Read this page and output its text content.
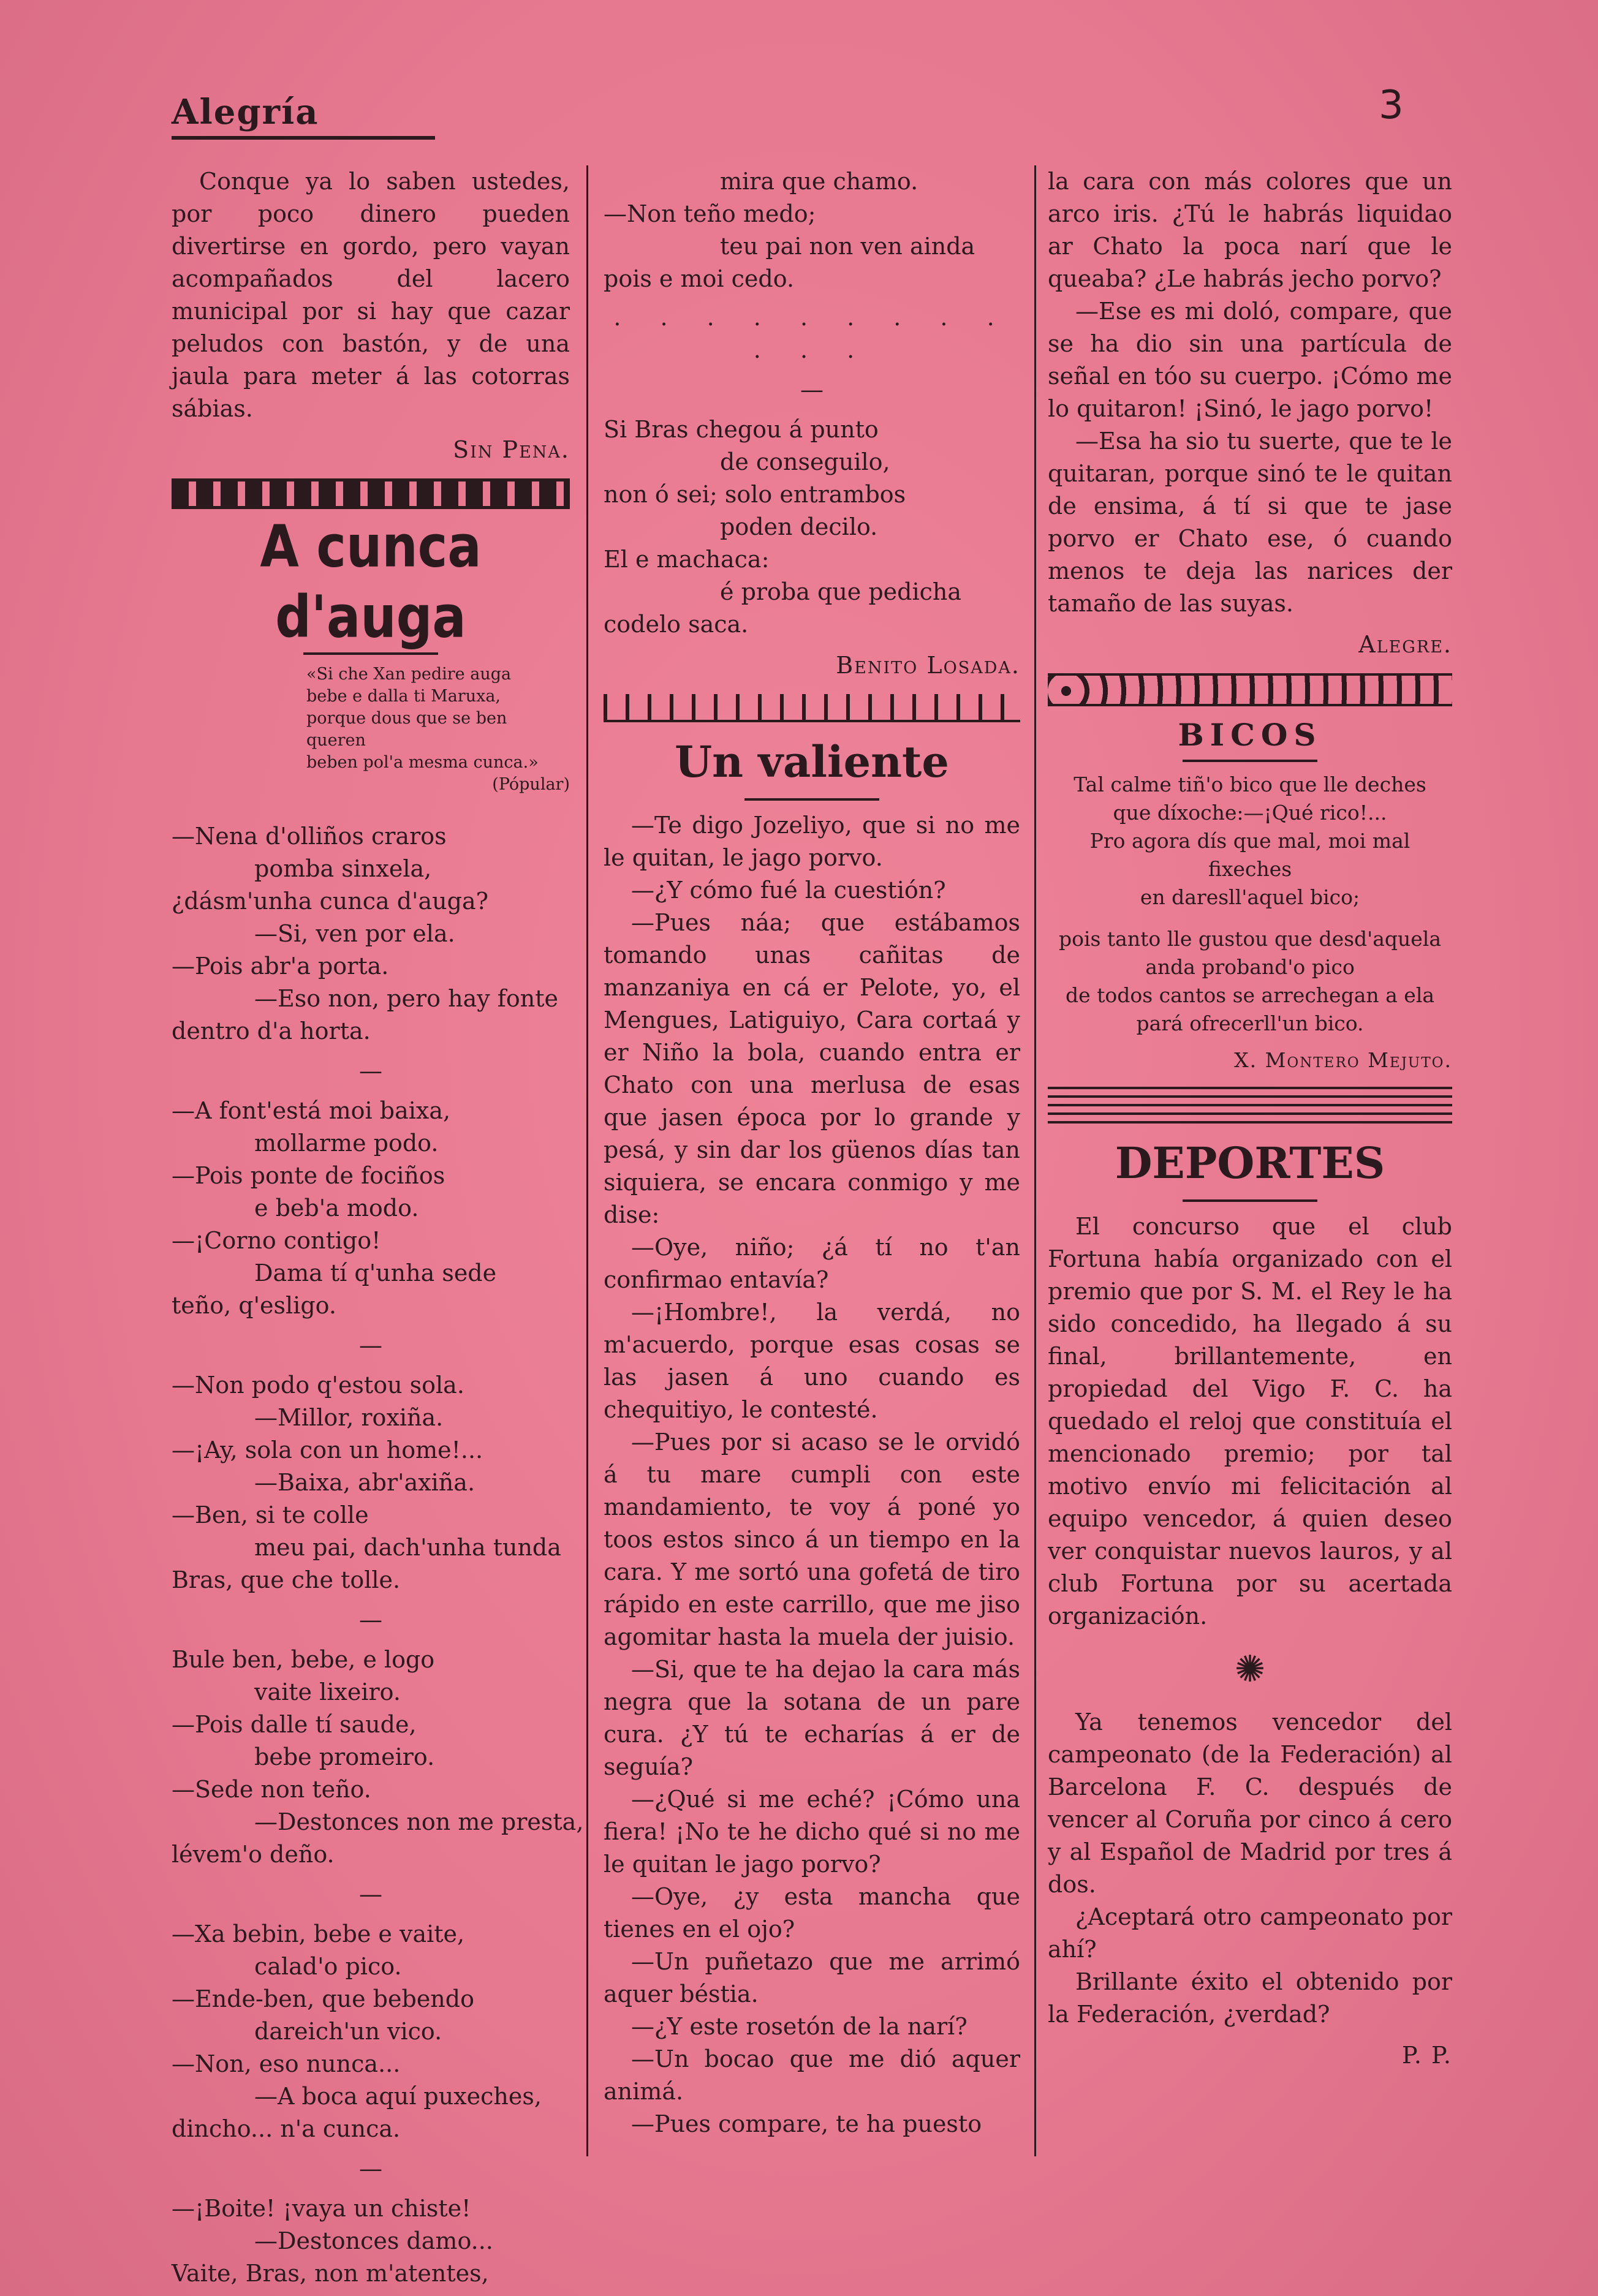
Alegría	3

Conque ya lo saben ustedes, por poco dinero pueden divertirse en gordo, pero vayan acompañados del lacero municipal por si hay que cazar peludos con bastón, y de una jaula para meter á las cotorras sábias.

Sin Pena.
A cunca d'auga
«Si che Xan pedire auga
bebe e dalla ti Maruxa,
porque dous que se ben queren
beben pol'a mesma cunca.»
(Pópular)
—Nena d'olliños craros
pomba sinxela,
¿dásm'unha cunca d'auga?
—Si, ven por ela.
—Pois abr'a porta.
—Eso non, pero hay fonte
dentro d'a horta.
—
—A font'está moi baixa,
mollarme podo.
—Pois ponte de fociños
e beb'a modo.
—¡Corno contigo!
Dama tí q'unha sede
teño, q'esligo.
—
—Non podo q'estou sola.
—Millor, roxiña.
—¡Ay, sola con un home!...
—Baixa, abr'axiña.
—Ben, si te colle
meu pai, dach'unha tunda
Bras, que che tolle.
—
Bule ben, bebe, e logo
vaite lixeiro.
—Pois dalle tí saude,
bebe promeiro.
—Sede non teño.
—Destonces non me presta,
lévem'o deño.
—
—Xa bebin, bebe e vaite,
calad'o pico.
—Ende-ben, que bebendo
dareich'un vico.
—Non, eso nunca...
—A boca aquí puxeches,
dincho... n'a cunca.
—
—¡Boite! ¡vaya un chiste!
—Destonces damo...
Vaite, Bras, non m'atentes,
mira que chamo.
—Non teño medo;
teu pai non ven ainda
pois e moi cedo.
. . . . . . . . . . . .
—
Si Bras chegou á punto
de conseguilo,
non ó sei; solo entrambos
poden decilo.
El e machaca:
é proba que pedicha
codelo saca.
Benito Losada.
Un valiente

—Te digo Jozeliyo, que si no me le quitan, le jago porvo.

—¿Y cómo fué la cuestión?

—Pues náa; que estábamos tomando unas cañitas de manzaniya en cá er Pelote, yo, el Mengues, Latiguiyo, Cara cortaá y er Niño la bola, cuando entra er Chato con una merlusa de esas que jasen época por lo grande y pesá, y sin dar los güenos días tan siquiera, se encara conmigo y me dise:

—Oye, niño; ¿á tí no t'an confirmao entavía?

—¡Hombre!, la verdá, no m'acuerdo, porque esas cosas se las jasen á uno cuando es chequitiyo, le contesté.

—Pues por si acaso se le orvidó á tu mare cumpli con este mandamiento, te voy á poné yo toos estos sinco á un tiempo en la cara. Y me sortó una gofetá de tiro rápido en este carrillo, que me jiso agomitar hasta la muela der juisio.

—Si, que te ha dejao la cara más negra que la sotana de un pare cura. ¿Y tú te echarías á er de seguía?

—¿Qué si me eché? ¡Cómo una fiera! ¡No te he dicho qué si no me le quitan le jago porvo?

—Oye, ¿y esta mancha que tienes en el ojo?

—Un puñetazo que me arrimó aquer béstia.

—¿Y este rosetón de la narí?

—Un bocao que me dió aquer animá.

—Pues compare, te ha puesto

la cara con más colores que un arco iris. ¿Tú le habrás liquidao ar Chato la poca narí que le queaba? ¿Le habrás jecho porvo?

—Ese es mi doló, compare, que se ha dio sin una partícula de señal en tóo su cuerpo. ¡Cómo me lo quitaron! ¡Sinó, le jago porvo!

—Esa ha sio tu suerte, que te le quitaran, porque sinó te le quitan de ensima, á tí si que te jase porvo er Chato ese, ó cuando menos te deja las narices der tamaño de las suyas.

Alegre.
BICOS
Tal calme tiñ'o bico que lle deches
que díxoche:—¡Qué rico!...
Pro agora dís que mal, moi mal fixeches
en daresll'aquel bico;
pois tanto lle gustou que desd'aquela
anda proband'o pico
de todos cantos se arrechegan a ela
pará ofrecerll'un bico.
X. Montero Mejuto.
DEPORTES

El concurso que el club Fortuna había organizado con el premio que por S. M. el Rey le ha sido concedido, ha llegado á su final, brillantemente, en propiedad del Vigo F. C. ha quedado el reloj que constituía el mencionado premio; por tal motivo envío mi felicitación al equipo vencedor, á quien deseo ver conquistar nuevos lauros, y al club Fortuna por su acertada organización.

✺

Ya tenemos vencedor del campeonato (de la Federación) al Barcelona F. C. después de vencer al Coruña por cinco á cero y al Español de Madrid por tres á dos.

¿Aceptará otro campeonato por ahí?

Brillante éxito el obtenido por la Federación, ¿verdad?

P. P.
